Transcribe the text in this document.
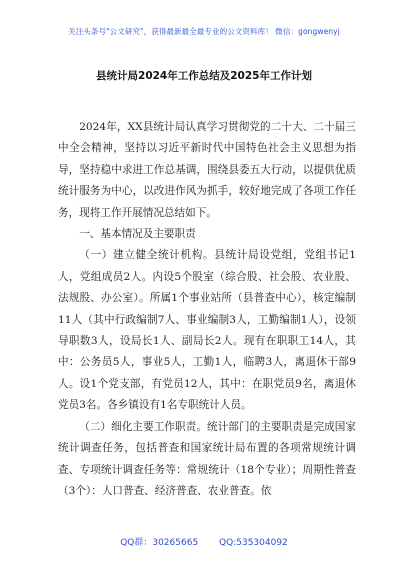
关注头条号"公文研究"，获得最新最全最专业的公文资料库！ 微信：gongwenyj
县统计局2024年工作总结及2025年工作计划

2024年，XX县统计局认真学习贯彻党的二十大、二十届三中全会精神，坚持以习近平新时代中国特色社会主义思想为指导，坚持稳中求进工作总基调，围绕县委五大行动，以提供优质统计服务为中心，以改进作风为抓手，较好地完成了各项工作任务，现将工作开展情况总结如下。

一、基本情况及主要职责

（一）建立健全统计机构。县统计局设党组，党组书记1人，党组成员2人。内设5个股室（综合股、社会股、农业股、法规股、办公室）。所属1个事业站所（县普查中心），核定编制11人（其中行政编制7人、事业编制3人，工勤编制1人），设领导职数3人，设局长1人、副局长2人。现有在职职工14人，其中：公务员5人，事业5人，工勤1人，临聘3人，离退休干部9人。设1个党支部，有党员12人，其中：在职党员9名，离退休党员3名。各乡镇设有1名专职统计人员。

（二）细化主要工作职责。统计部门的主要职责是完成国家统计调查任务，包括普查和国家统计局布置的各项常规统计调查、专项统计调查任务等：常规统计（18个专业）；周期性普查（3个）：人口普查、经济普查、农业普查。依

QQ群：30265665 QQ:535304092
